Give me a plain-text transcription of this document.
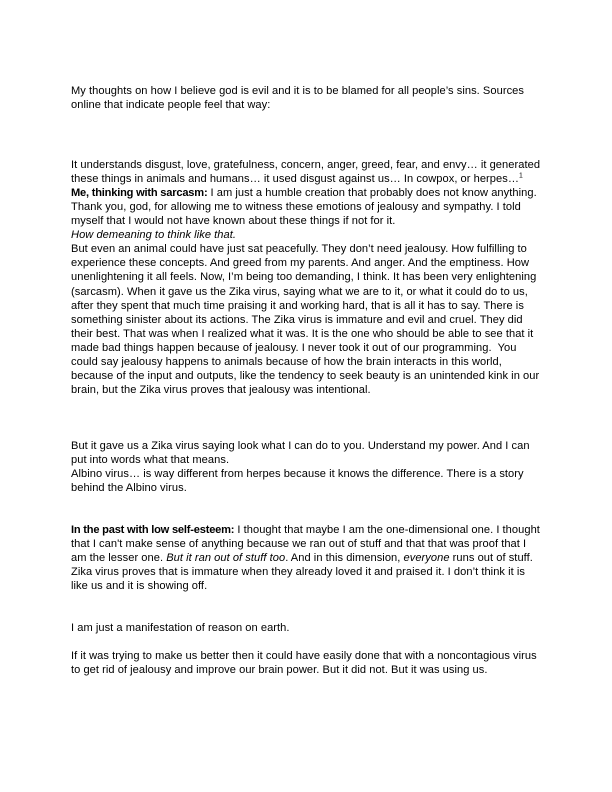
My thoughts on how I believe god is evil and it is to be blamed for all people’s sins. Sources online that indicate people feel that way:

It understands disgust, love, gratefulness, concern, anger, greed, fear, and envy… it generated these things in animals and humans… it used disgust against us… In cowpox, or herpes…$^1$

Me, thinking with sarcasm: I am just a humble creation that probably does not know anything. Thank you, god, for allowing me to witness these emotions of jealousy and sympathy. I told myself that I would not have known about these things if not for it.

How demeaning to think like that.

But even an animal could have just sat peacefully. They don’t need jealousy. How fulfilling to experience these concepts. And greed from my parents. And anger. And the emptiness. How unenlightening it all feels. Now, I’m being too demanding, I think. It has been very enlightening  (sarcasm). When it gave us the Zika virus, saying what we are to it, or what it could do to us, after they spent that much time praising it and working hard, that is all it has to say. There is something sinister about its actions. The Zika virus is immature and evil and cruel. They did their best. That was when I realized what it was. It is the one who should be able to see that it made bad things happen because of jealousy. I never took it out of our programming.  You could say jealousy happens to animals because of how the brain interacts in this world, because of the input and outputs, like the tendency to seek beauty is an unintended kink in our brain, but the Zika virus proves that jealousy was intentional.

But it gave us a Zika virus saying look what I can do to you. Understand my power. And I can put into words what that means.

Albino virus… is way different from herpes because it knows the difference. There is a story behind the Albino virus.

In the past with low self-esteem: I thought that maybe I am the one-dimensional one. I thought that I can't make sense of anything because we ran out of stuff and that that was proof that I am the lesser one. But it ran out of stuff too. And in this dimension, everyone runs out of stuff. Zika virus proves that is immature when they already loved it and praised it. I don’t think it is like us and it is showing off.

I am just a manifestation of reason on earth.

If it was trying to make us better then it could have easily done that with a noncontagious virus to get rid of jealousy and improve our brain power. But it did not. But it was using us.
